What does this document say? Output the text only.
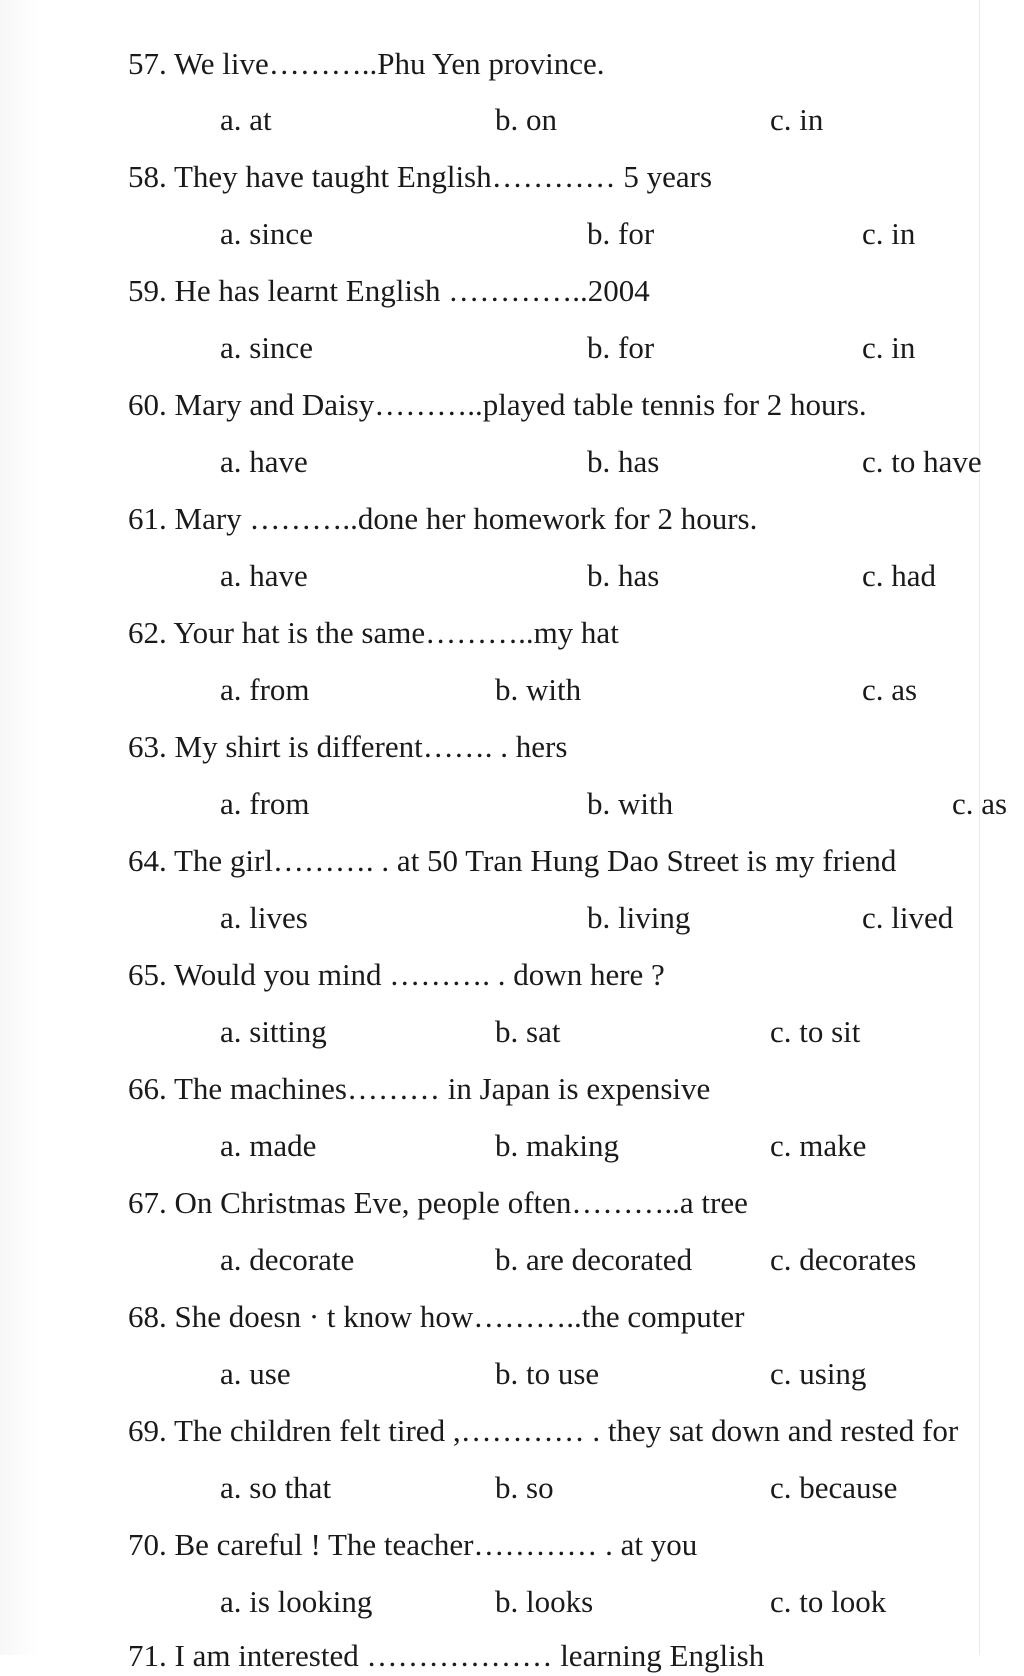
57. We live………..Phu Yen province.
a. at	b. on	c. in
58. They have taught English………… 5 years
a. since	b. for	c. in
59. He has learnt English …………..2004
a. since	b. for	c. in
60. Mary and Daisy………..played table tennis for 2 hours.
a. have	b. has	c. to have
61. Mary ………..done her homework for 2 hours.
a. have	b. has	c. had
62. Your hat is the same………..my hat
a. from	b. with	c. as
63. My shirt is different……. . hers
a. from	b. with	c. as
64. The girl………. . at 50 Tran Hung Dao Street is my friend
a. lives	b. living	c. lived
65. Would you mind ………. . down here ?
a. sitting	b. sat	c. to sit
66. The machines……… in Japan is expensive
a. made	b. making	c. make
67. On Christmas Eve, people often………..a tree
a. decorate	b. are decorated	c. decorates
68. She doesn · t know how………..the computer
a. use	b. to use	c. using
69. The children felt tired ,………… . they sat down and rested for
a. so that	b. so	c. because
70. Be careful ! The teacher………… . at you
a. is looking	b. looks	c. to look
71. I am interested ……………… learning English
